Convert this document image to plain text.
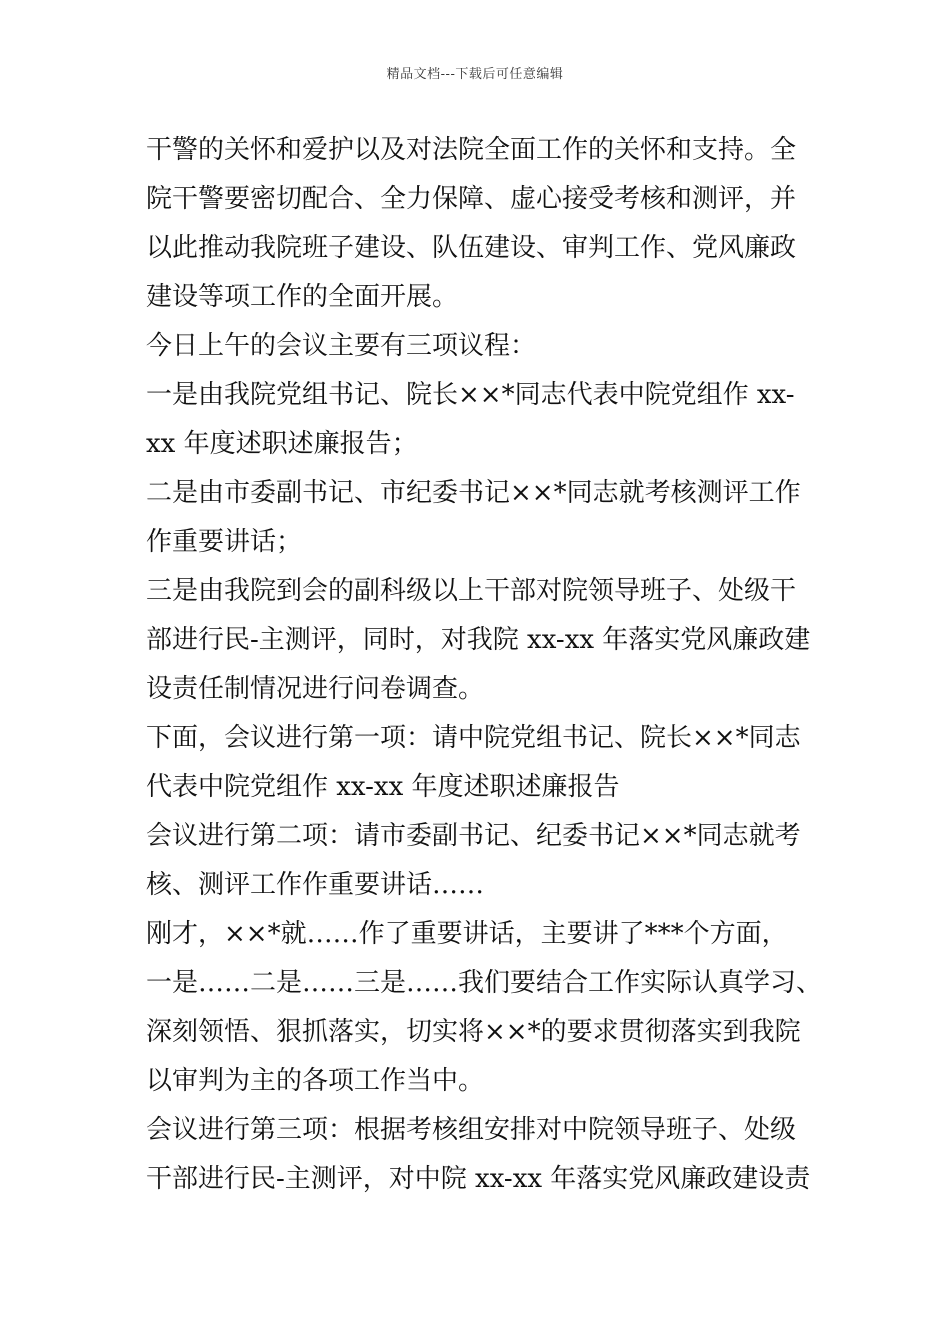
精品文档---下载后可任意编辑
干警的关怀和爱护以及对法院全面工作的关怀和支持。全
院干警要密切配合、全力保障、虚心接受考核和测评，并
以此推动我院班子建设、队伍建设、审判工作、党风廉政
建设等项工作的全面开展。
今日上午的会议主要有三项议程：
一是由我院党组书记、院长××*同志代表中院党组作 xx-
xx 年度述职述廉报告；
二是由市委副书记、市纪委书记××*同志就考核测评工作
作重要讲话；
三是由我院到会的副科级以上干部对院领导班子、处级干
部进行民-主测评，同时，对我院 xx-xx 年落实党风廉政建
设责任制情况进行问卷调查。
下面，会议进行第一项：请中院党组书记、院长××*同志
代表中院党组作 xx-xx 年度述职述廉报告
会议进行第二项：请市委副书记、纪委书记××*同志就考
核、测评工作作重要讲话……
刚才，××*就……作了重要讲话，主要讲了***个方面，
一是……二是……三是……我们要结合工作实际认真学习、
深刻领悟、狠抓落实，切实将××*的要求贯彻落实到我院
以审判为主的各项工作当中。
会议进行第三项：根据考核组安排对中院领导班子、处级
干部进行民-主测评，对中院 xx-xx 年落实党风廉政建设责
